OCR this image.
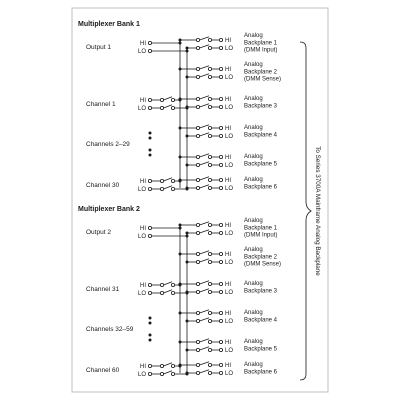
Multiplexer Bank 1
HI
LO
Analog
Backplane 1
(DMM Input)
HI
LO
Analog
Backplane 2
(DMM Sense)
HI
LO
Analog
Backplane 3
HI
LO
Analog
Backplane 4
HI
LO
Analog
Backplane 5
HI
LO
Analog
Backplane 6
Output 1	HI
LO
Channel 1	HI
LO
Channels 2–29
Channel 30	HI
LO
Multiplexer Bank 2
HI
LO
Analog
Backplane 1
(DMM Input)
HI
LO
Analog
Backplane 2
(DMM Sense)
HI
LO
Analog
Backplane 3
HI
LO
Analog
Backplane 4
HI
LO
Analog
Backplane 5
HI
LO
Analog
Backplane 6
Output 2	HI
LO
Channel 31	HI
LO
Channels 32–59
Channel 60	HI
LO
To Series 3700A Mainframe Analog Backplane
